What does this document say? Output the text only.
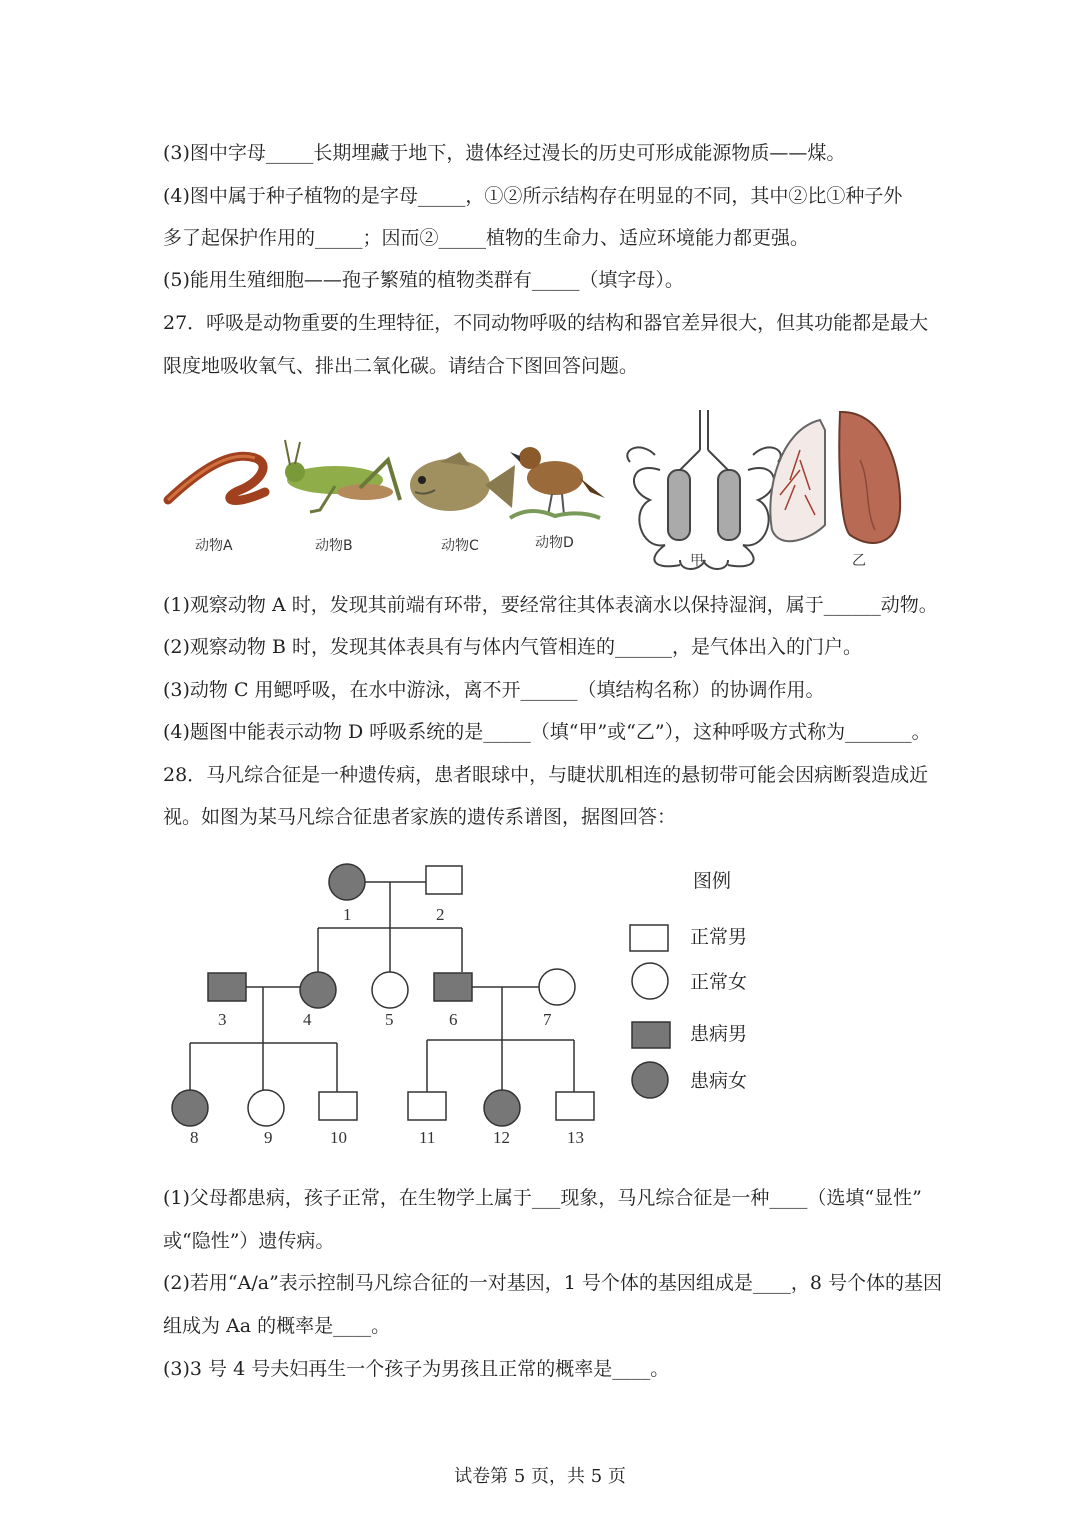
(3)图中字母_____长期埋藏于地下，遗体经过漫长的历史可形成能源物质——煤。
(4)图中属于种子植物的是字母_____，①②所示结构存在明显的不同，其中②比①种子外
多了起保护作用的_____；因而②_____植物的生命力、适应环境能力都更强。
(5)能用生殖细胞——孢子繁殖的植物类群有_____（填字母）。
27．呼吸是动物重要的生理特征，不同动物呼吸的结构和器官差异很大，但其功能都是最大
限度地吸收氧气、排出二氧化碳。请结合下图回答问题。
动物A	动物B	动物C	动物D
甲	乙
(1)观察动物 A 时，发现其前端有环带，要经常往其体表滴水以保持湿润，属于______动物。
(2)观察动物 B 时，发现其体表具有与体内气管相连的______，是气体出入的门户。
(3)动物 C 用鳃呼吸，在水中游泳，离不开______（填结构名称）的协调作用。
(4)题图中能表示动物 D 呼吸系统的是_____（填“甲”或“乙”），这种呼吸方式称为_______。
28．马凡综合征是一种遗传病，患者眼球中，与睫状肌相连的悬韧带可能会因病断裂造成近
视。如图为某马凡综合征患者家族的遗传系谱图，据图回答：
1	2
3	4	5	6	7
8	9	10	11	12	13
图例
正常男
正常女
患病男
患病女
(1)父母都患病，孩子正常，在生物学上属于___现象，马凡综合征是一种____（选填“显性”
或“隐性”）遗传病。
(2)若用“A/a”表示控制马凡综合征的一对基因，1 号个体的基因组成是____，8 号个体的基因
组成为 Aa 的概率是____。
(3)3 号 4 号夫妇再生一个孩子为男孩且正常的概率是____。
试卷第 5 页，共 5 页
